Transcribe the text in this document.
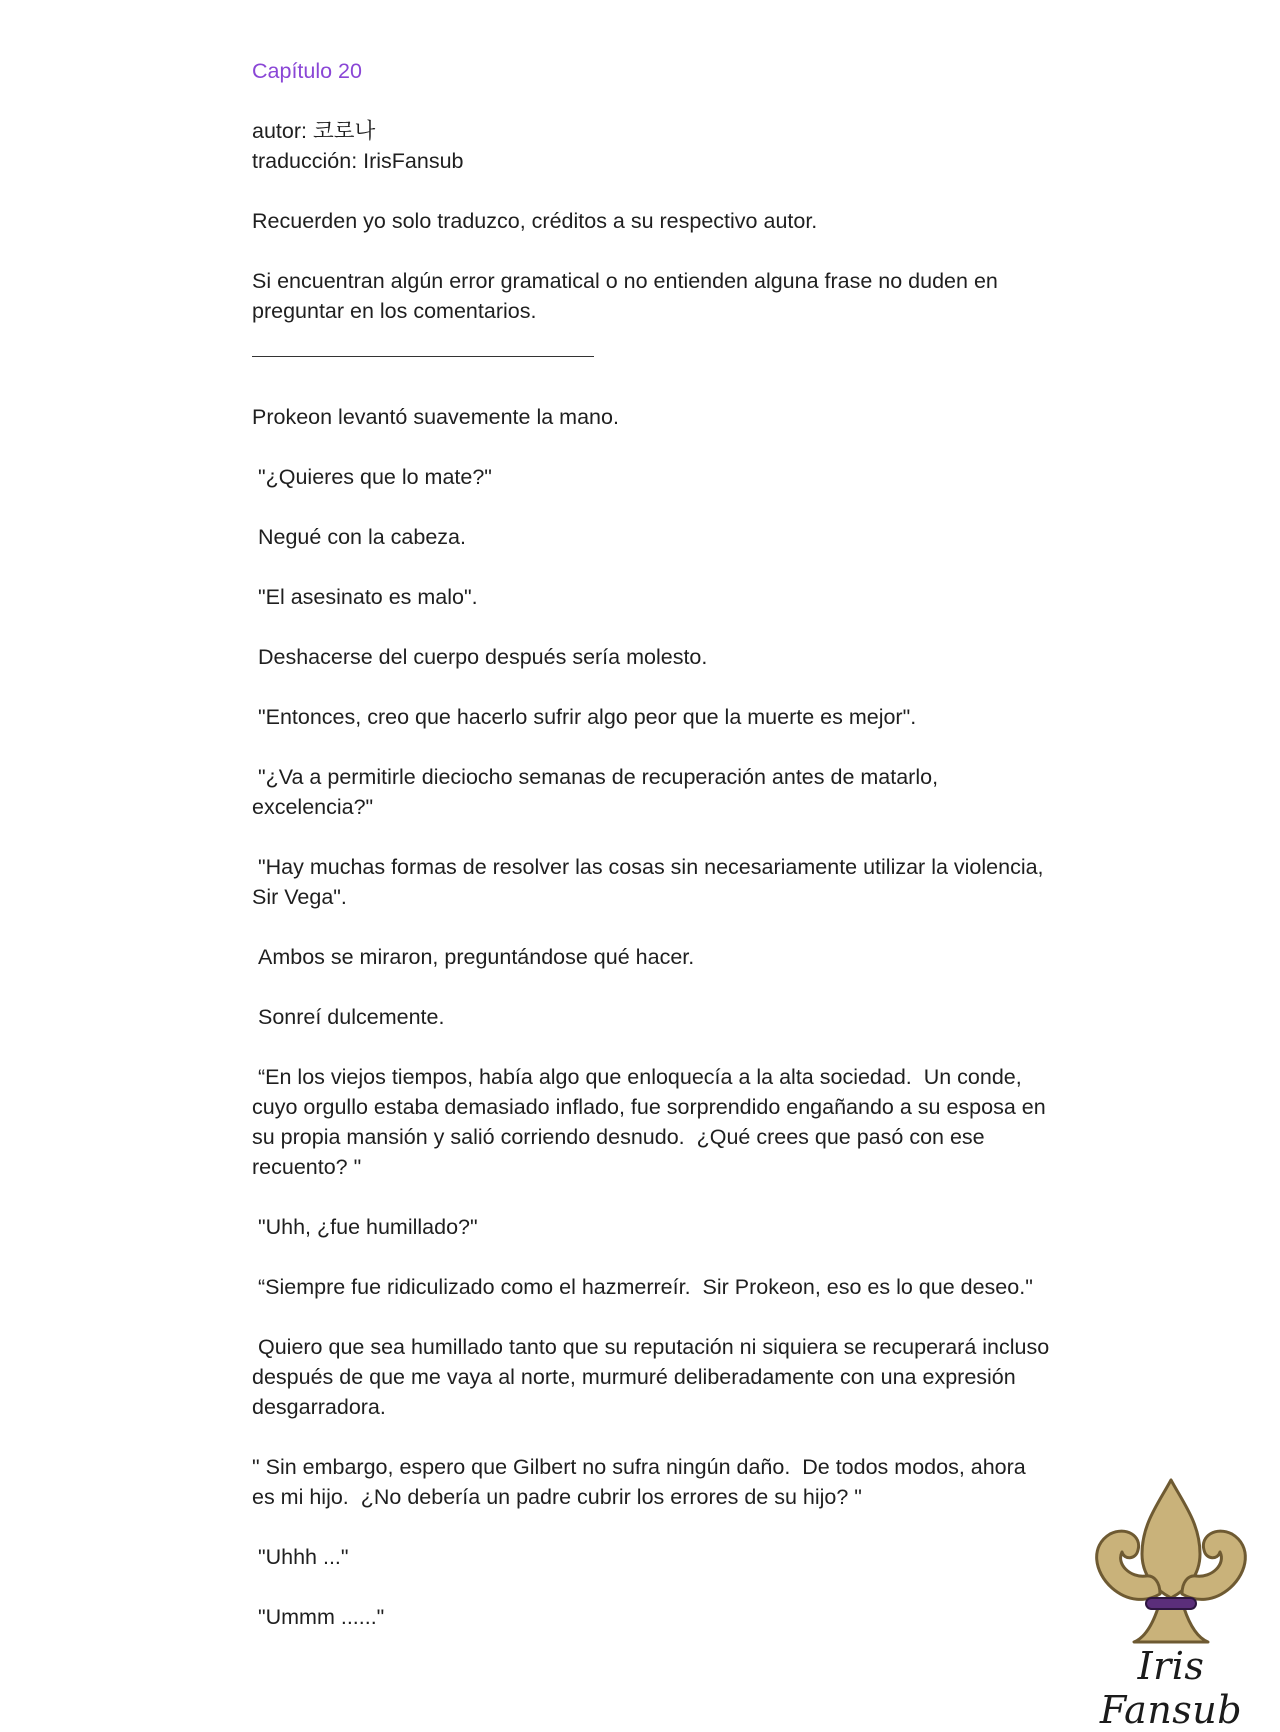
Capítulo 20
autor: 코로나
traducción: IrisFansub
Recuerden yo solo traduzco, créditos a su respectivo autor.
Si encuentran algún error gramatical o no entienden alguna frase no duden en preguntar en los comentarios.
Prokeon levantó suavemente la mano.
"¿Quieres que lo mate?"
Negué con la cabeza.
"El asesinato es malo".
Deshacerse del cuerpo después sería molesto.
"Entonces, creo que hacerlo sufrir algo peor que la muerte es mejor".
"¿Va a permitirle dieciocho semanas de recuperación antes de matarlo, excelencia?"
"Hay muchas formas de resolver las cosas sin necesariamente utilizar la violencia, Sir Vega".
Ambos se miraron, preguntándose qué hacer.
Sonreí dulcemente.
“En los viejos tiempos, había algo que enloquecía a la alta sociedad.  Un conde, cuyo orgullo estaba demasiado inflado, fue sorprendido engañando a su esposa en su propia mansión y salió corriendo desnudo.  ¿Qué crees que pasó con ese recuento? "
"Uhh, ¿fue humillado?"
“Siempre fue ridiculizado como el hazmerreír.  Sir Prokeon, eso es lo que deseo."
Quiero que sea humillado tanto que su reputación ni siquiera se recuperará incluso después de que me vaya al norte, murmuré deliberadamente con una expresión desgarradora.
" Sin embargo, espero que Gilbert no sufra ningún daño.  De todos modos, ahora es mi hijo.  ¿No debería un padre cubrir los errores de su hijo? "
"Uhhh ..."
"Ummm ......"
Iris Fansub
